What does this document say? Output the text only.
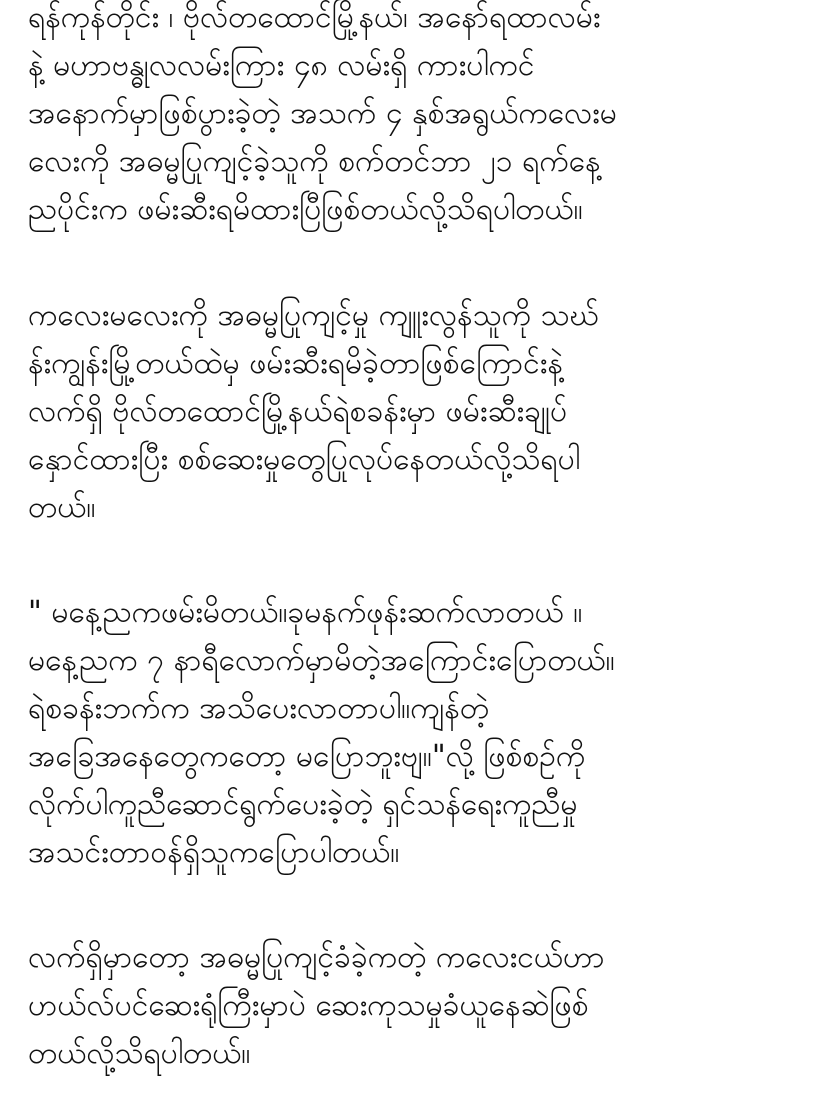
ရန်ကုန်တိုင်း ၊ ဗိုလ်တထောင်မြို့နယ်၊ အနော်ရထာလမ်း
နဲ့ မဟာဗန္ဓုလလမ်းကြား ၄၈ လမ်းရှိ ကားပါကင်
အနောက်မှာဖြစ်ပွားခဲ့တဲ့ အသက် ၄ နှစ်အရွယ်ကလေးမ
လေးကို အဓမ္မပြုကျင့်ခဲ့သူကို စက်တင်ဘာ ၂၁ ရက်နေ့
ညပိုင်းက ဖမ်းဆီးရမိထားပြီဖြစ်တယ်လို့သိရပါတယ်။

ကလေးမလေးကို အဓမ္မပြုကျင့်မှု ကျူးလွန်သူကို သဃ်
န်းကျွန်းမြို့တယ်ထဲမှ ဖမ်းဆီးရမိခဲ့တာဖြစ်ကြောင်းနဲ့
လက်ရှိ ဗိုလ်တထောင်မြို့နယ်ရဲစခန်းမှာ ဖမ်းဆီးချုပ်
နှောင်ထားပြီး စစ်ဆေးမှုတွေပြုလုပ်နေတယ်လို့သိရပါ
တယ်။

" မနေ့ညကဖမ်းမိတယ်။ခုမနက်ဖုန်းဆက်လာတယ် ။
မနေ့ညက ၇ နာရီလောက်မှာမိတဲ့အကြောင်းပြောတယ်။
ရဲစခန်းဘက်က အသိပေးလာတာပါ။ကျန်တဲ့
အခြေအနေတွေကတော့ မပြောဘူးဗျ။"လို့ ဖြစ်စဥ်ကို
လိုက်ပါကူညီဆောင်ရွက်ပေးခဲ့တဲ့ ရှင်သန်ရေးကူညီမှု
အသင်းတာဝန်ရှိသူကပြောပါတယ်။

လက်ရှိမှာတော့ အဓမ္မပြုကျင့်ခံခဲ့ကတဲ့ ကလေးငယ်ဟာ
ဟယ်လ်ပင်ဆေးရုံကြီးမှာပဲ ဆေးကုသမှုခံယူနေဆဲဖြစ်
တယ်လို့သိရပါတယ်။
